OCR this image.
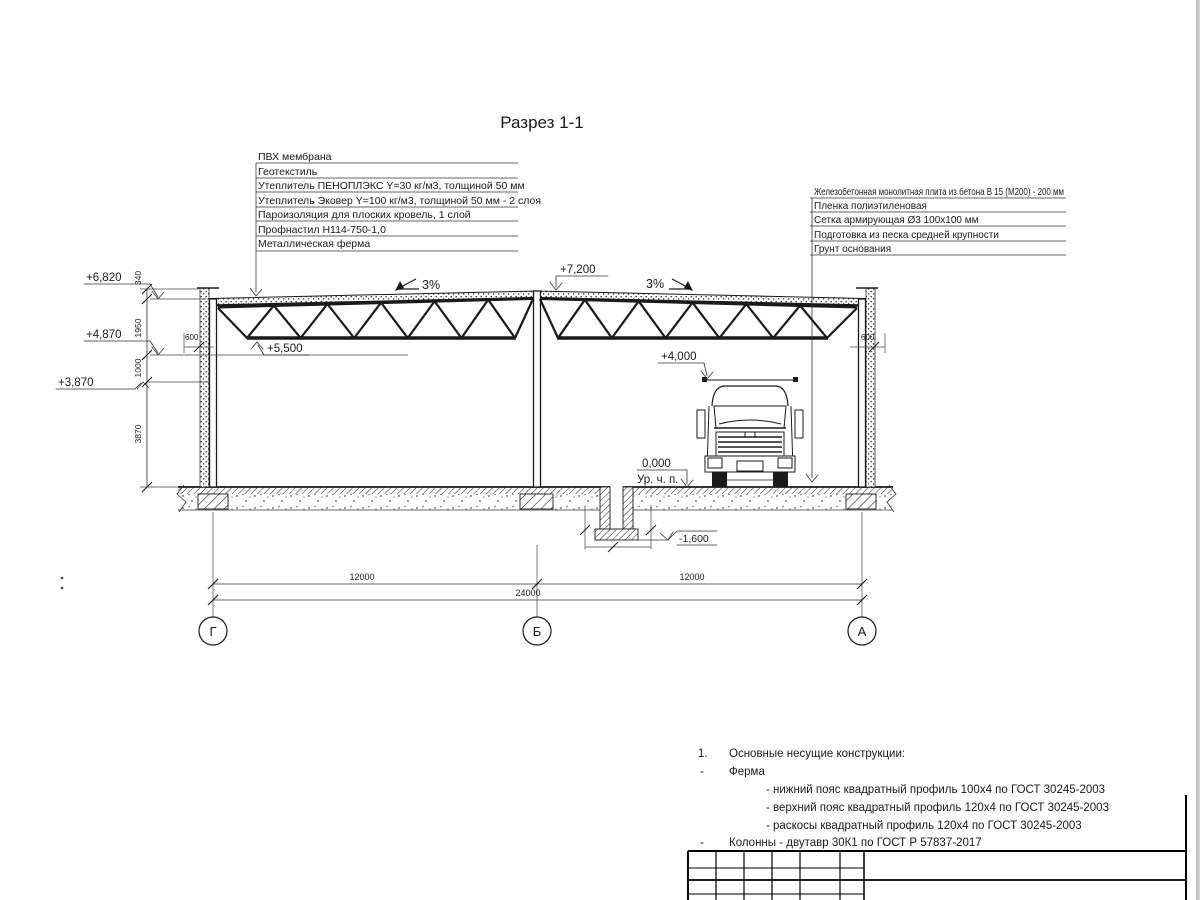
340
1950
1000
3870
+6,820
+4,870
+3,870
+7,200
+5,500
+4,000
0,000
Ур. ч. п.
-1,600
3%	3%
600	600
ПВХ мембрана
Геотекстиль
Утеплитель ПЕНОПЛЭКС Y=30 кг/м3, толщиной 50 мм
Утеплитель Эковер Y=100 кг/м3, толщиной 50 мм - 2 слоя
Пароизоляция для плоских кровель, 1 слой
Профнастил Н114-750-1,0
Металлическая ферма
Железобетонная монолитная плита из бетона В 15 (М200) - 200 мм
Пленка полиэтиленовая
Сетка армирующая Ø3 100х100 мм
Подготовка из песка средней крупности
Грунт основания
Разрез 1-1
12000	12000
24000
Г	Б	А
1. Основные несущие конструкции:
- Ферма
- нижний пояс квадратный профиль 100х4 по ГОСТ 30245-2003
- верхний пояс квадратный профиль 120х4 по ГОСТ 30245-2003
- раскосы квадратный профиль 120х4 по ГОСТ 30245-2003
- Колонны - двутавр 30К1 по ГОСТ Р 57837-2017
